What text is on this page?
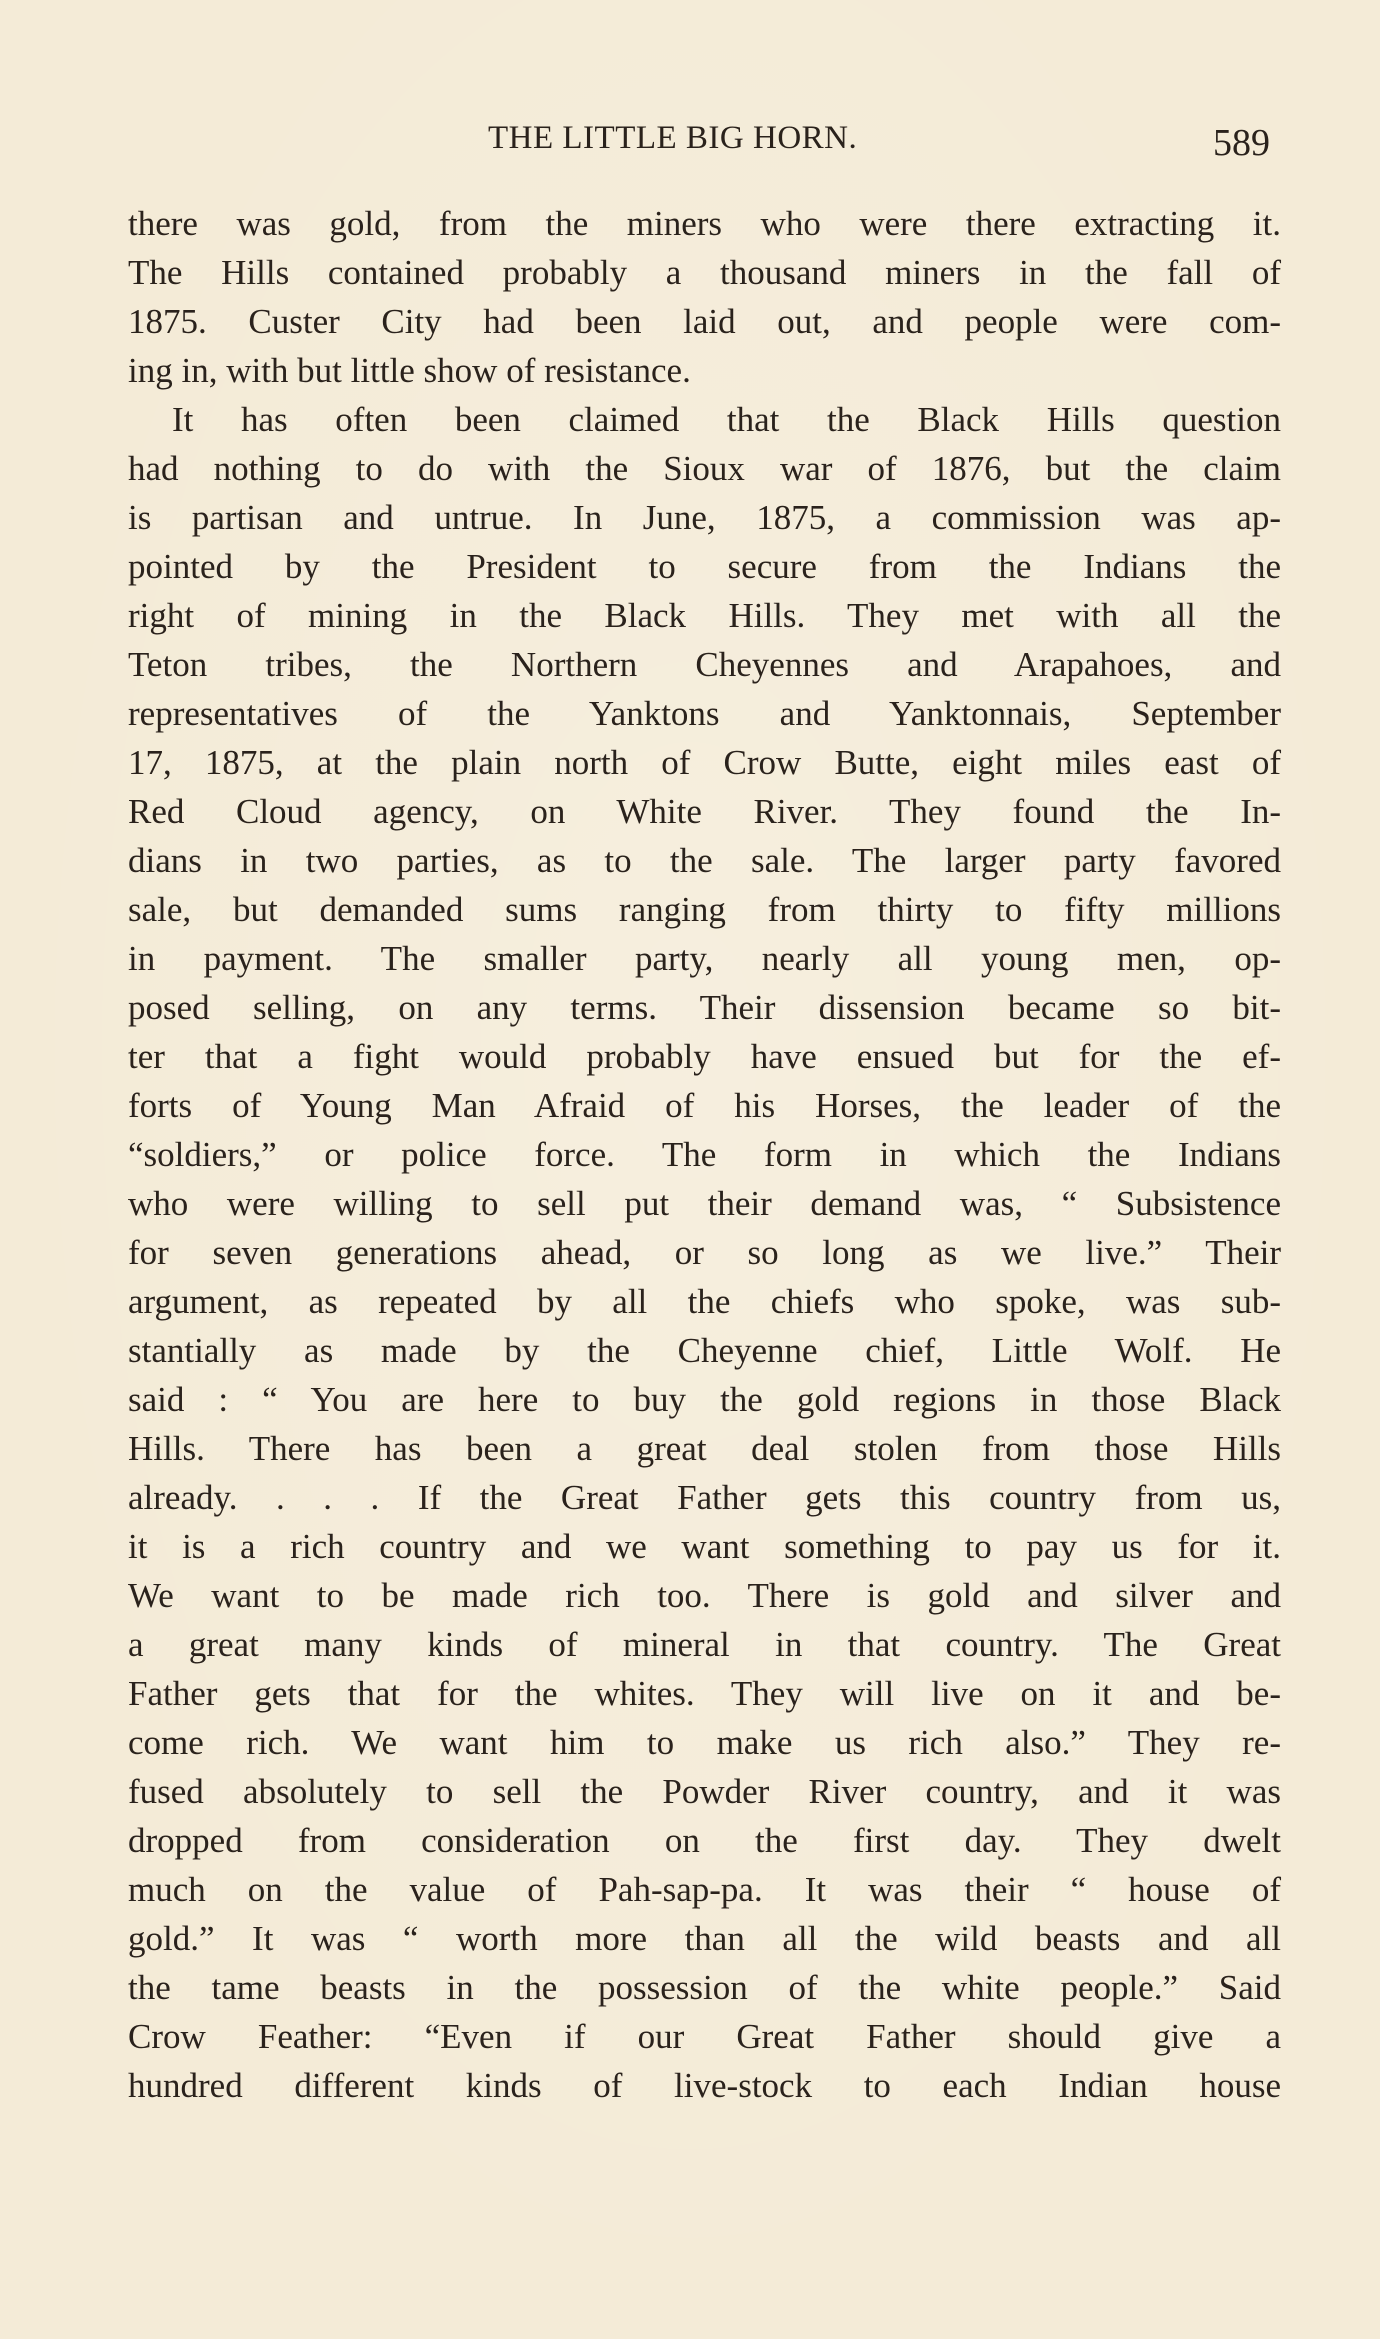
THE LITTLE BIG HORN.	589
there was gold, from the miners who were there extracting it.
The Hills contained probably a thousand miners in the fall of
1875. Custer City had been laid out, and people were com-
ing in, with but little show of resistance.
It has often been claimed that the Black Hills question
had nothing to do with the Sioux war of 1876, but the claim
is partisan and untrue. In June, 1875, a commission was ap-
pointed by the President to secure from the Indians the
right of mining in the Black Hills. They met with all the
Teton tribes, the Northern Cheyennes and Arapahoes, and
representatives of the Yanktons and Yanktonnais, September
17, 1875, at the plain north of Crow Butte, eight miles east of
Red Cloud agency, on White River. They found the In-
dians in two parties, as to the sale. The larger party favored
sale, but demanded sums ranging from thirty to fifty millions
in payment. The smaller party, nearly all young men, op-
posed selling, on any terms. Their dissension became so bit-
ter that a fight would probably have ensued but for the ef-
forts of Young Man Afraid of his Horses, the leader of the
“soldiers,” or police force. The form in which the Indians
who were willing to sell put their demand was, “ Subsistence
for seven generations ahead, or so long as we live.” Their
argument, as repeated by all the chiefs who spoke, was sub-
stantially as made by the Cheyenne chief, Little Wolf. He
said : “ You are here to buy the gold regions in those Black
Hills. There has been a great deal stolen from those Hills
already. . . . If the Great Father gets this country from us,
it is a rich country and we want something to pay us for it.
We want to be made rich too. There is gold and silver and
a great many kinds of mineral in that country. The Great
Father gets that for the whites. They will live on it and be-
come rich. We want him to make us rich also.” They re-
fused absolutely to sell the Powder River country, and it was
dropped from consideration on the first day. They dwelt
much on the value of Pah-sap-pa. It was their “ house of
gold.” It was “ worth more than all the wild beasts and all
the tame beasts in the possession of the white people.” Said
Crow Feather: “Even if our Great Father should give a
hundred different kinds of live-stock to each Indian house
